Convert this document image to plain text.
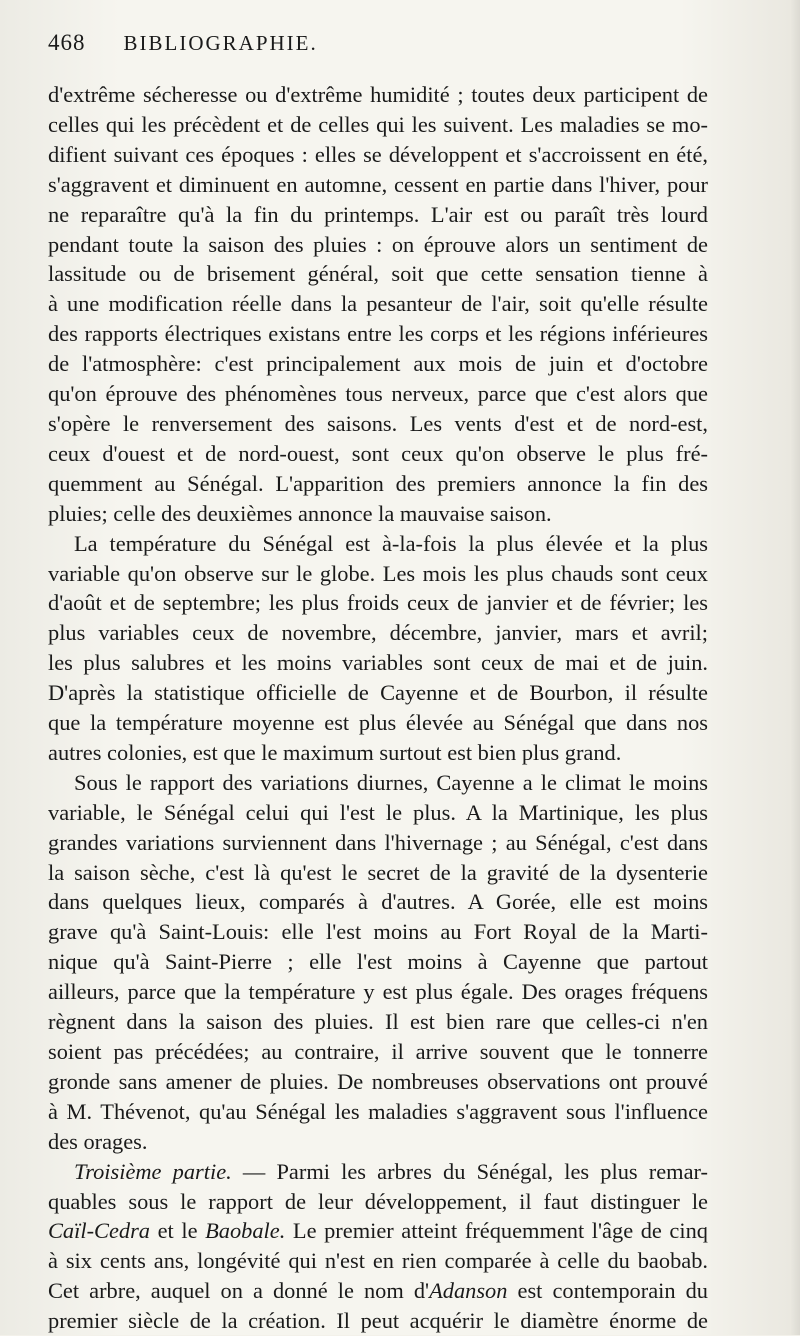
468 BIBLIOGRAPHIE.
d'extrême sécheresse ou d'extrême humidité ; toutes deux participent de
celles qui les précèdent et de celles qui les suivent. Les maladies se mo-
difient suivant ces époques : elles se développent et s'accroissent en été,
s'aggravent et diminuent en automne, cessent en partie dans l'hiver, pour
ne reparaître qu'à la fin du printemps. L'air est ou paraît très lourd
pendant toute la saison des pluies : on éprouve alors un sentiment de
lassitude ou de brisement général, soit que cette sensation tienne à
à une modification réelle dans la pesanteur de l'air, soit qu'elle résulte
des rapports électriques existans entre les corps et les régions inférieures
de l'atmosphère: c'est principalement aux mois de juin et d'octobre
qu'on éprouve des phénomènes tous nerveux, parce que c'est alors que
s'opère le renversement des saisons. Les vents d'est et de nord-est,
ceux d'ouest et de nord-ouest, sont ceux qu'on observe le plus fré-
quemment au Sénégal. L'apparition des premiers annonce la fin des
pluies; celle des deuxièmes annonce la mauvaise saison.
La température du Sénégal est à-la-fois la plus élevée et la plus
variable qu'on observe sur le globe. Les mois les plus chauds sont ceux
d'août et de septembre; les plus froids ceux de janvier et de février; les
plus variables ceux de novembre, décembre, janvier, mars et avril;
les plus salubres et les moins variables sont ceux de mai et de juin.
D'après la statistique officielle de Cayenne et de Bourbon, il résulte
que la température moyenne est plus élevée au Sénégal que dans nos
autres colonies, est que le maximum surtout est bien plus grand.
Sous le rapport des variations diurnes, Cayenne a le climat le moins
variable, le Sénégal celui qui l'est le plus. A la Martinique, les plus
grandes variations surviennent dans l'hivernage ; au Sénégal, c'est dans
la saison sèche, c'est là qu'est le secret de la gravité de la dysenterie
dans quelques lieux, comparés à d'autres. A Gorée, elle est moins
grave qu'à Saint-Louis: elle l'est moins au Fort Royal de la Marti-
nique qu'à Saint-Pierre ; elle l'est moins à Cayenne que partout
ailleurs, parce que la température y est plus égale. Des orages fréquens
règnent dans la saison des pluies. Il est bien rare que celles-ci n'en
soient pas précédées; au contraire, il arrive souvent que le tonnerre
gronde sans amener de pluies. De nombreuses observations ont prouvé
à M. Thévenot, qu'au Sénégal les maladies s'aggravent sous l'influence
des orages.
Troisième partie. — Parmi les arbres du Sénégal, les plus remar-
quables sous le rapport de leur développement, il faut distinguer le
Caïl-Cedra et le Baobale. Le premier atteint fréquemment l'âge de cinq
à six cents ans, longévité qui n'est en rien comparée à celle du baobab.
Cet arbre, auquel on a donné le nom d'Adanson est contemporain du
premier siècle de la création. Il peut acquérir le diamètre énorme de
